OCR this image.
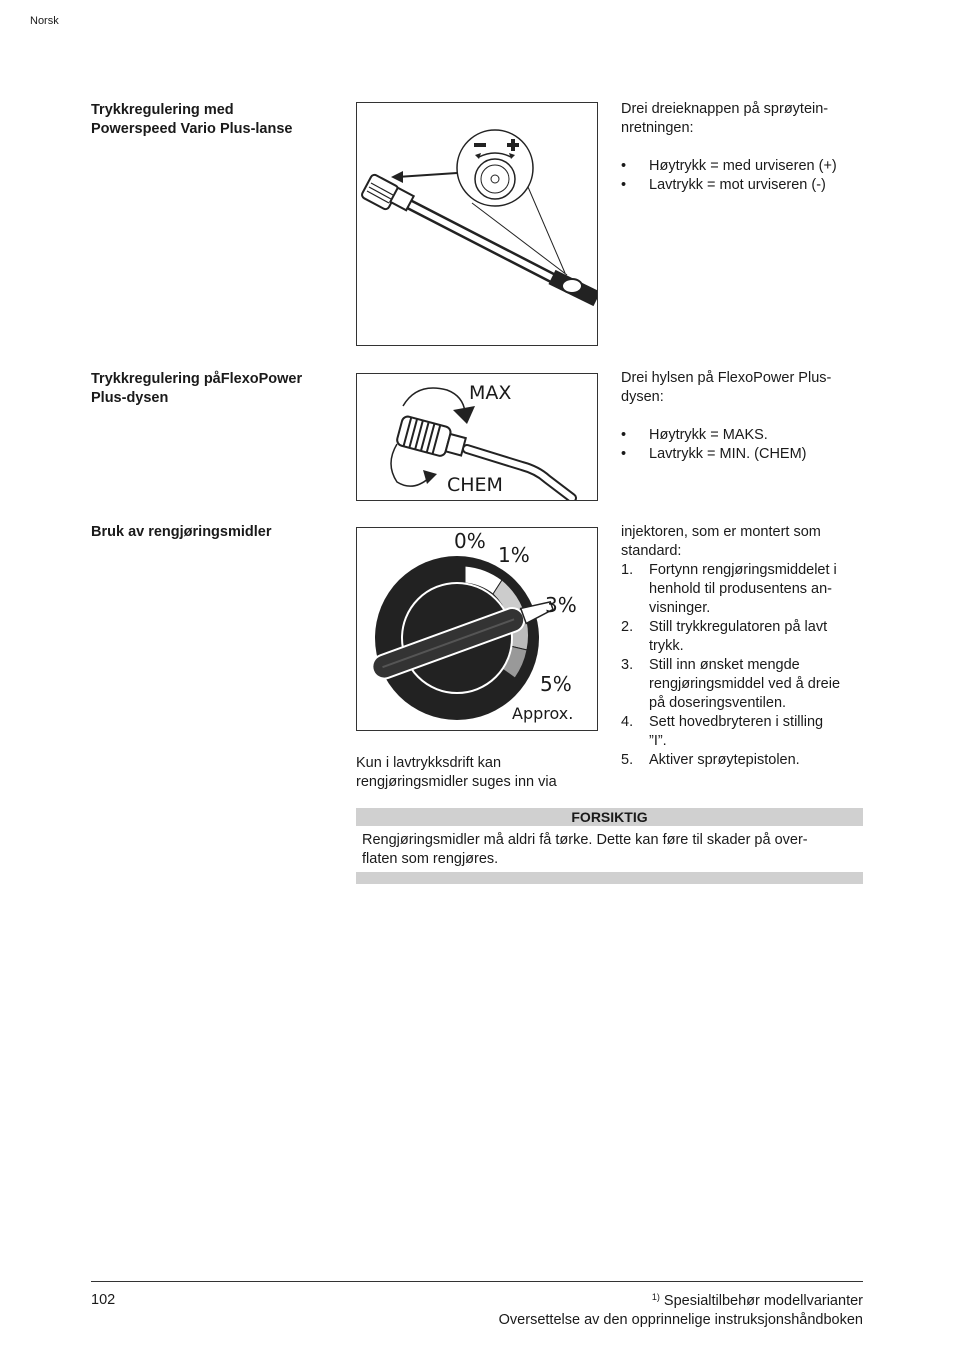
Norsk
Trykkregulering med
Powerspeed Vario Plus-lanse

Drei dreieknappen på sprøytein-

nretningen:

• Høytrykk = med urviseren (+)
• Lavtrykk = mot urviseren (-)
Trykkregulering påFlexoPower
Plus-dysen	MAX
CHEM

Drei hylsen på FlexoPower Plus-

dysen:

• Høytrykk = MAKS.
• Lavtrykk = MIN. (CHEM)
Bruk av rengjøringsmidler	0%
1%
3%
5%
Approx.

Kun i lavtrykksdrift kan

rengjøringsmidler suges inn via

injektoren, som er montert som

standard:

1. Fortynn rengjøringsmiddelet i
henhold til produsentens an-
visninger.
2. Still trykkregulatoren på lavt
trykk.
3. Still inn ønsket mengde
rengjøringsmiddel ved å dreie
på doseringsventilen.
4. Sett hovedbryteren i stilling
”I”.
5. Aktiver sprøytepistolen.
FORSIKTIG
Rengjøringsmidler må aldri få tørke. Dette kan føre til skader på over-
flaten som rengjøres.
102	$^{1)}$ Spesialtilbehør modellvarianter
Oversettelse av den opprinnelige instruksjonshåndboken
